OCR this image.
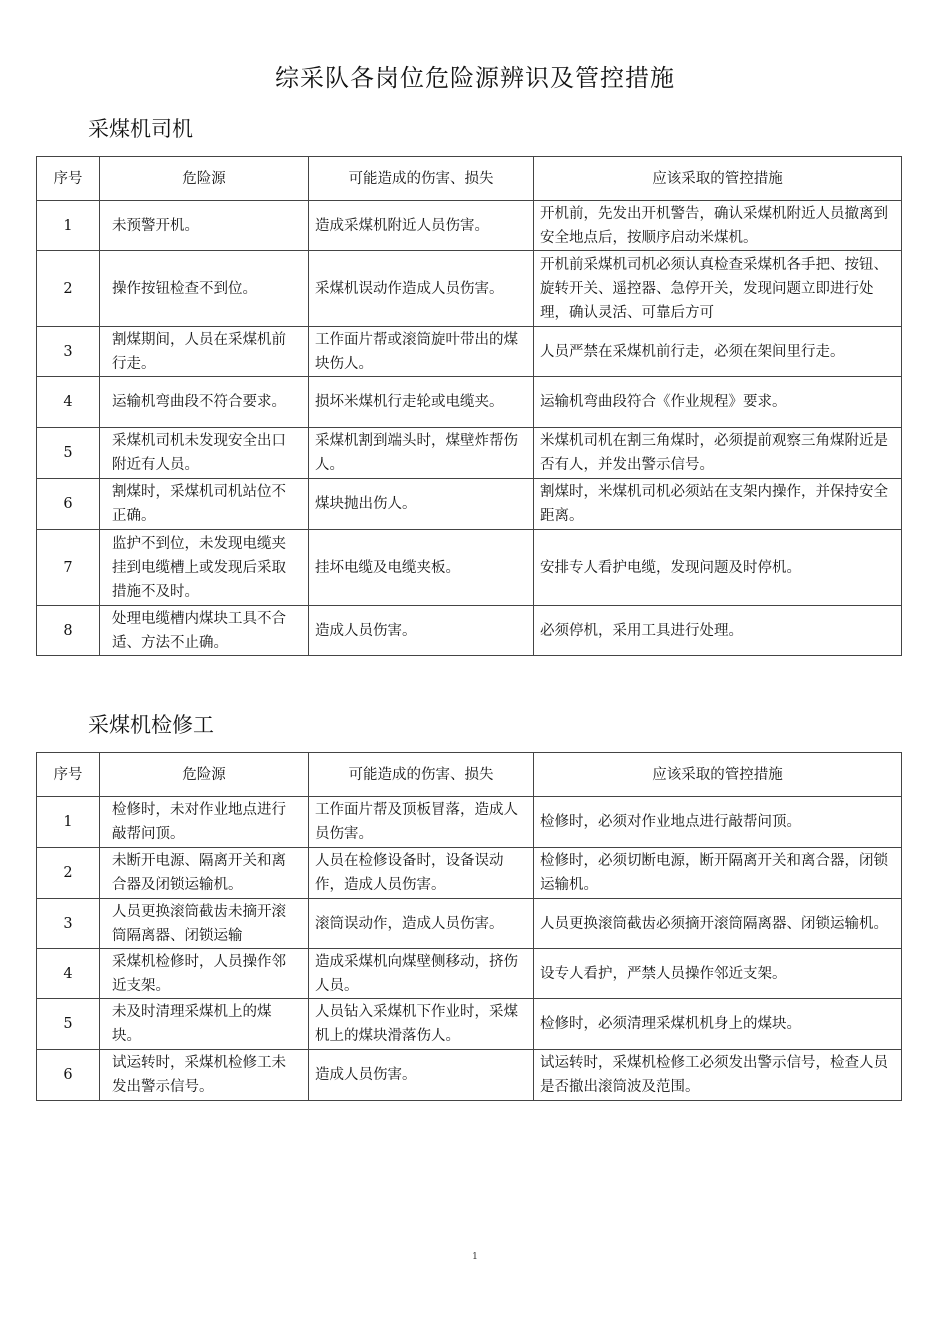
综采队各岗位危险源辨识及管控措施
采煤机司机
序号	危险源	可能造成的伤害、损失	应该采取的管控措施
1	未预警开机。	造成采煤机附近人员伤害。	开机前，先发出开机警告，确认采煤机附近人员撤离到安全地点后，按顺序启动米煤机。
2	操作按钮检查不到位。	采煤机误动作造成人员伤害。	开机前采煤机司机必须认真检查采煤机各手把、按钮、旋转开关、遥控器、急停开关，发现问题立即进行处理，确认灵活、可靠后方可
3	割煤期间，人员在采煤机前行走。	工作面片帮或滚筒旋叶带出的煤块伤人。	人员严禁在采煤机前行走，必须在架间里行走。
4	运输机弯曲段不符合要求。	损坏米煤机行走轮或电缆夹。	运输机弯曲段符合《作业规程》要求。
5	采煤机司机未发现安全出口附近有人员。	采煤机割到端头时，煤壁炸帮伤人。	米煤机司机在割三角煤时，必须提前观察三角煤附近是否有人，并发出警示信号。
6	割煤时，采煤机司机站位不正确。	煤块抛出伤人。	割煤时，米煤机司机必须站在支架内操作，并保持安全距离。
7	监护不到位，未发现电缆夹挂到电缆槽上或发现后采取措施不及时。	挂坏电缆及电缆夹板。	安排专人看护电缆，发现问题及时停机。
8	处理电缆槽内煤块工具不合适、方法不止确。	造成人员伤害。	必须停机，采用工具进行处理。
采煤机检修工
序号	危险源	可能造成的伤害、损失	应该采取的管控措施
1	检修时，未对作业地点进行敲帮问顶。	工作面片帮及顶板冒落，造成人员伤害。	检修时，必须对作业地点进行敲帮问顶。
2	未断开电源、隔离开关和离合器及闭锁运输机。	人员在检修设备时，设备误动作，造成人员伤害。	检修时，必须切断电源，断开隔离开关和离合器，闭锁运输机。
3	人员更换滚筒截齿未摘开滚筒隔离器、闭锁运输	滚筒误动作，造成人员伤害。	人员更换滚筒截齿必须摘开滚筒隔离器、闭锁运输机。
4	采煤机检修时，人员操作邻近支架。	造成采煤机向煤壁侧移动，挤伤人员。	设专人看护，严禁人员操作邻近支架。
5	未及时清理采煤机上的煤块。	人员钻入采煤机下作业时，采煤机上的煤块滑落伤人。	检修时，必须清理采煤机机身上的煤块。
6	试运转时，采煤机检修工未发出警示信号。	造成人员伤害。	试运转时，采煤机检修工必须发出警示信号，检查人员是否撤出滚筒波及范围。
1
